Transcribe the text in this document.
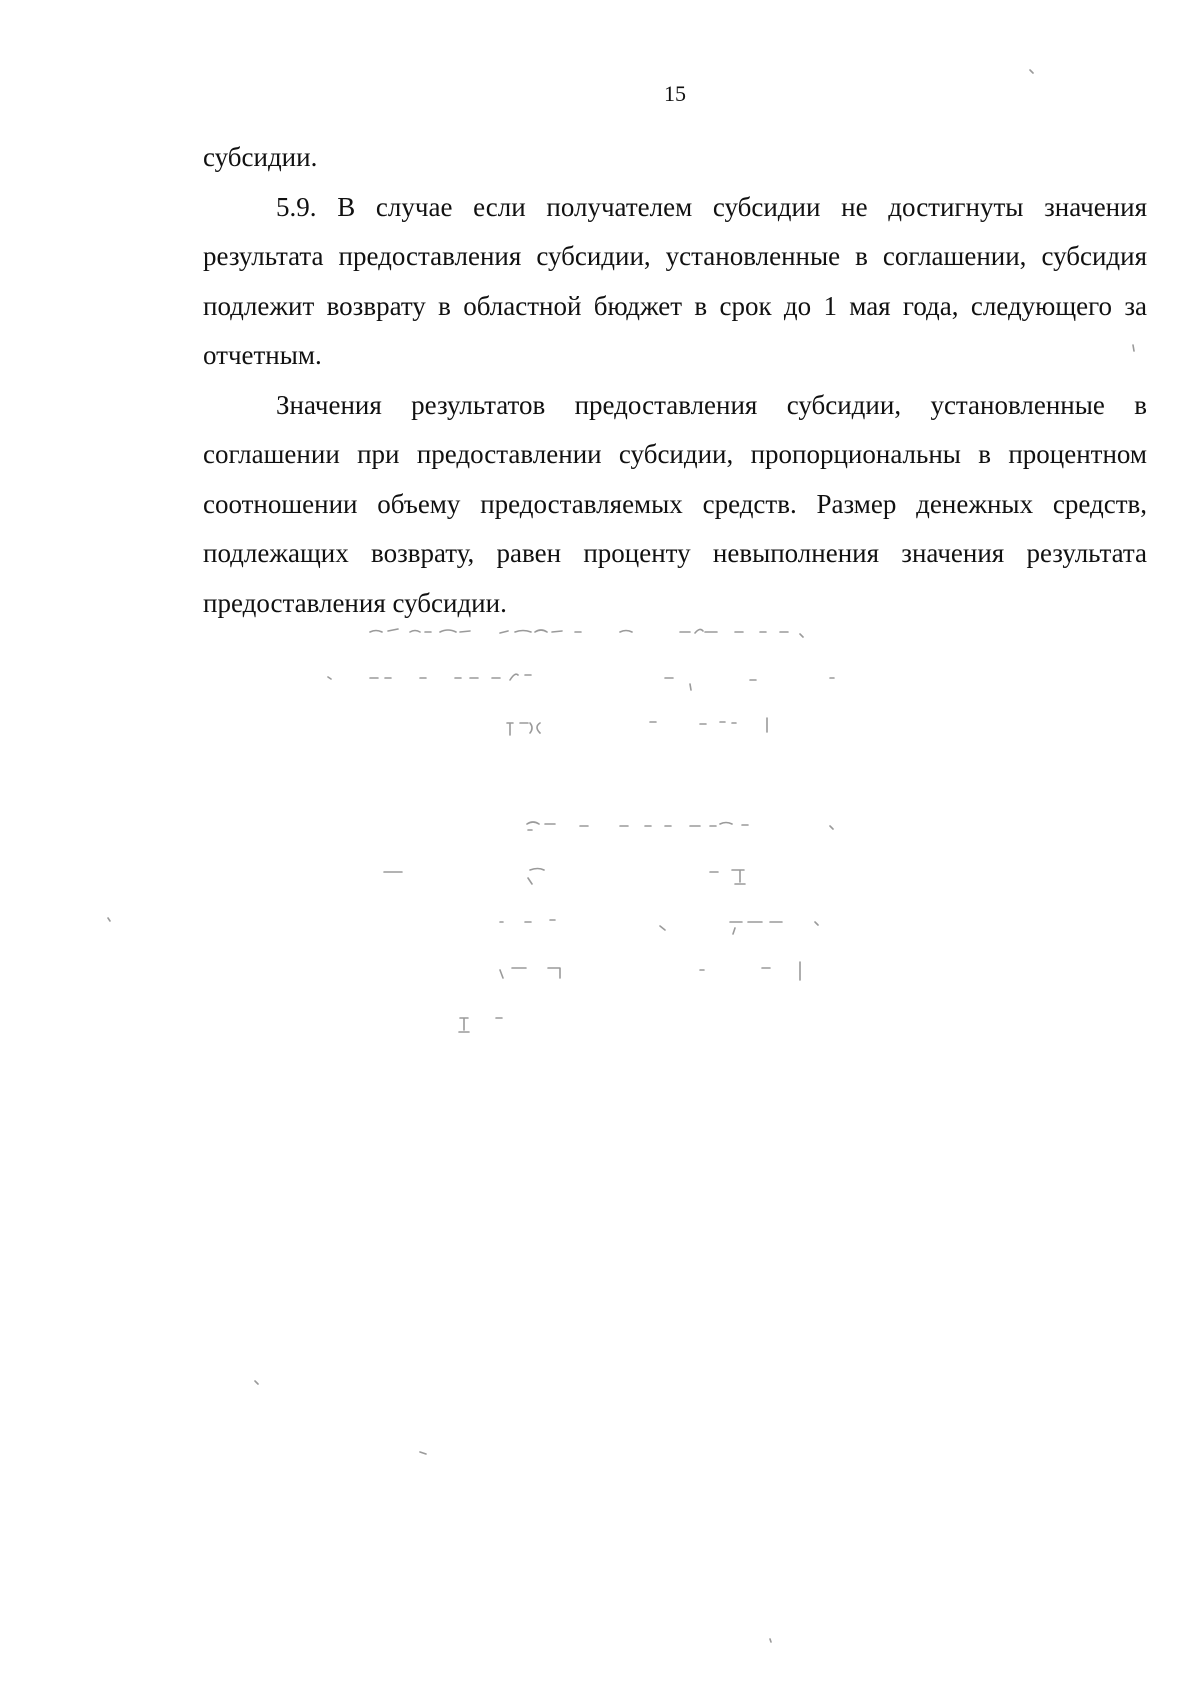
15

субсидии.

5.9. В случае если получателем субсидии не достигнуты значения результата предоставления субсидии, установленные в соглашении, субсидия подлежит возврату в областной бюджет в срок до 1 мая года, следующего за отчетным.

Значения результатов предоставления субсидии, установленные в соглашении при предоставлении субсидии, пропорциональны в процентном соотношении объему предоставляемых средств. Размер денежных средств, подлежащих возврату, равен проценту невыполнения значения результата предоставления субсидии.
